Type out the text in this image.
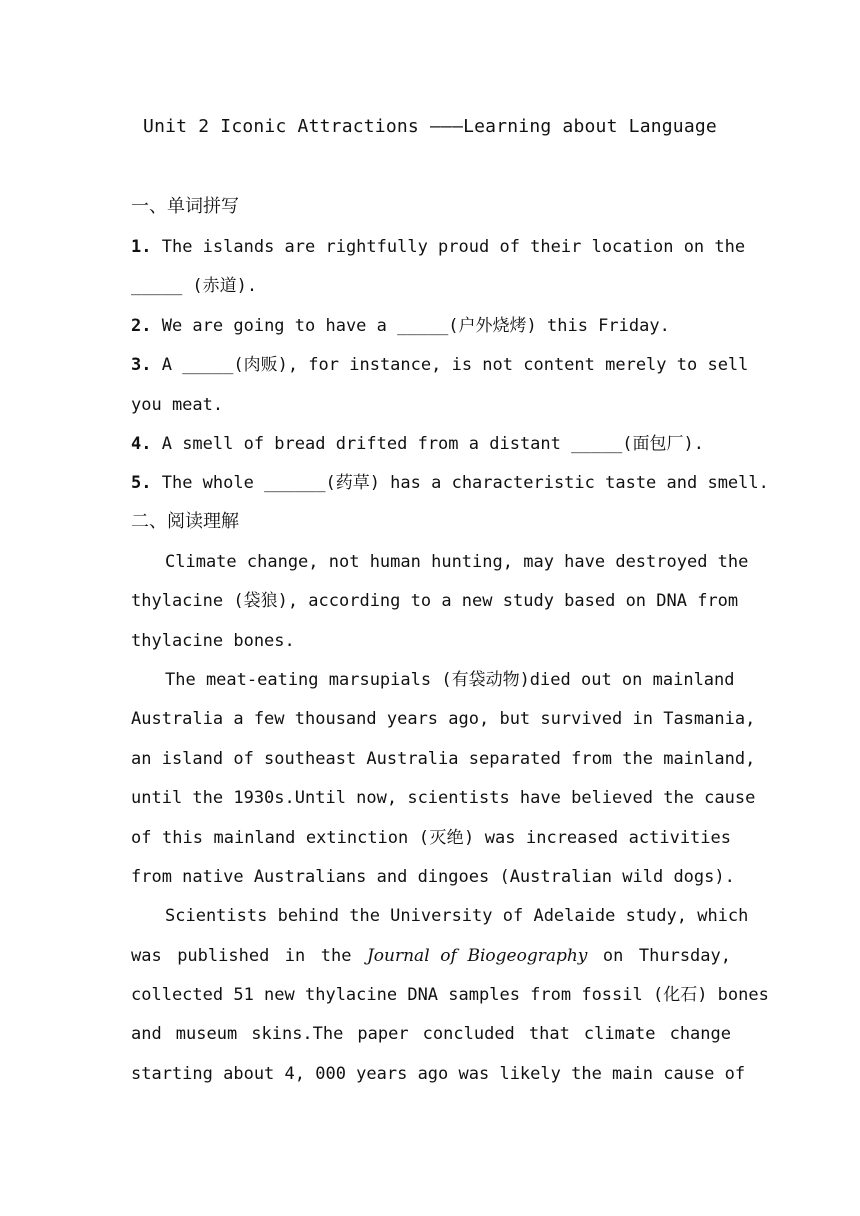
Unit 2 Iconic Attractions ———Learning about Language
一、单词拼写
1. The islands are rightfully proud of their location on the
_____ (赤道).
2. We are going to have a _____(户外烧烤) this Friday.
3. A _____(肉贩), for instance, is not content merely to sell
you meat.
4. A smell of bread drifted from a distant _____(面包厂).
5. The whole ______(药草) has a characteristic taste and smell.
二、阅读理解
Climate change, not human hunting, may have destroyed the
thylacine (袋狼), according to a new study based on DNA from
thylacine bones.
The meat-eating marsupials (有袋动物)died out on mainland
Australia a few thousand years ago, but survived in Tasmania,
an island of southeast Australia separated from the mainland,
until the 1930s.Until now, scientists have believed the cause
of this mainland extinction (灭绝) was increased activities
from native Australians and dingoes (Australian wild dogs).
Scientists behind the University of Adelaide study, which
was published in the Journal of Biogeography on Thursday,
collected 51 new thylacine DNA samples from fossil (化石) bones
and museum skins.The paper concluded that climate change
starting about 4, 000 years ago was likely the main cause of
